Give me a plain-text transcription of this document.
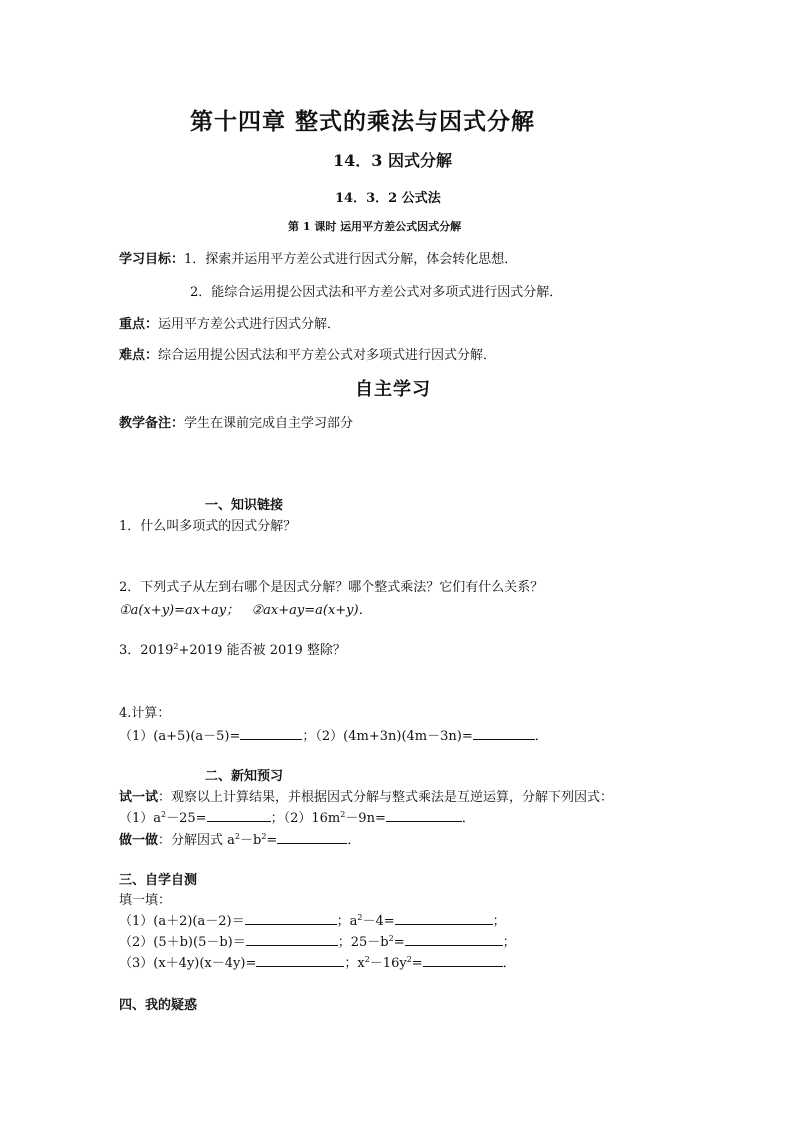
第十四章 整式的乘法与因式分解
14．3 因式分解
14．3．2 公式法
第 1 课时 运用平方差公式因式分解
学习目标：1．探索并运用平方差公式进行因式分解，体会转化思想．
2．能综合运用提公因式法和平方差公式对多项式进行因式分解．
重点：运用平方差公式进行因式分解．
难点：综合运用提公因式法和平方差公式对多项式进行因式分解．
自主学习
教学备注：学生在课前完成自主学习部分
一、知识链接
1．什么叫多项式的因式分解？
2．下列式子从左到右哪个是因式分解？哪个整式乘法？它们有什么关系？
①a(x+y)=ax+ay； ②ax+ay=a(x+y)．
3．$2019^2+2019$ 能否被 2019 整除？
4.计算：
（1）(a+5)(a－5)=	；（2）(4m+3n)(4m－3n)=	．
二、新知预习
试一试：观察以上计算结果，并根据因式分解与整式乘法是互逆运算，分解下列因式：
$(1)a^2-25=$	；$(2)16m^2-9n=$	．
做一做：分解因式 $a^2-b^2=$	．
三、自学自测
填一填：
（1）(a＋2)(a－2)＝	；$a^2-4=$	；
（2）(5＋b)(5－b)＝	；$25-b^2=$	；
（3）(x＋4y)(x－4y)=	；$x^2-16y^2=$	．
四、我的疑惑
